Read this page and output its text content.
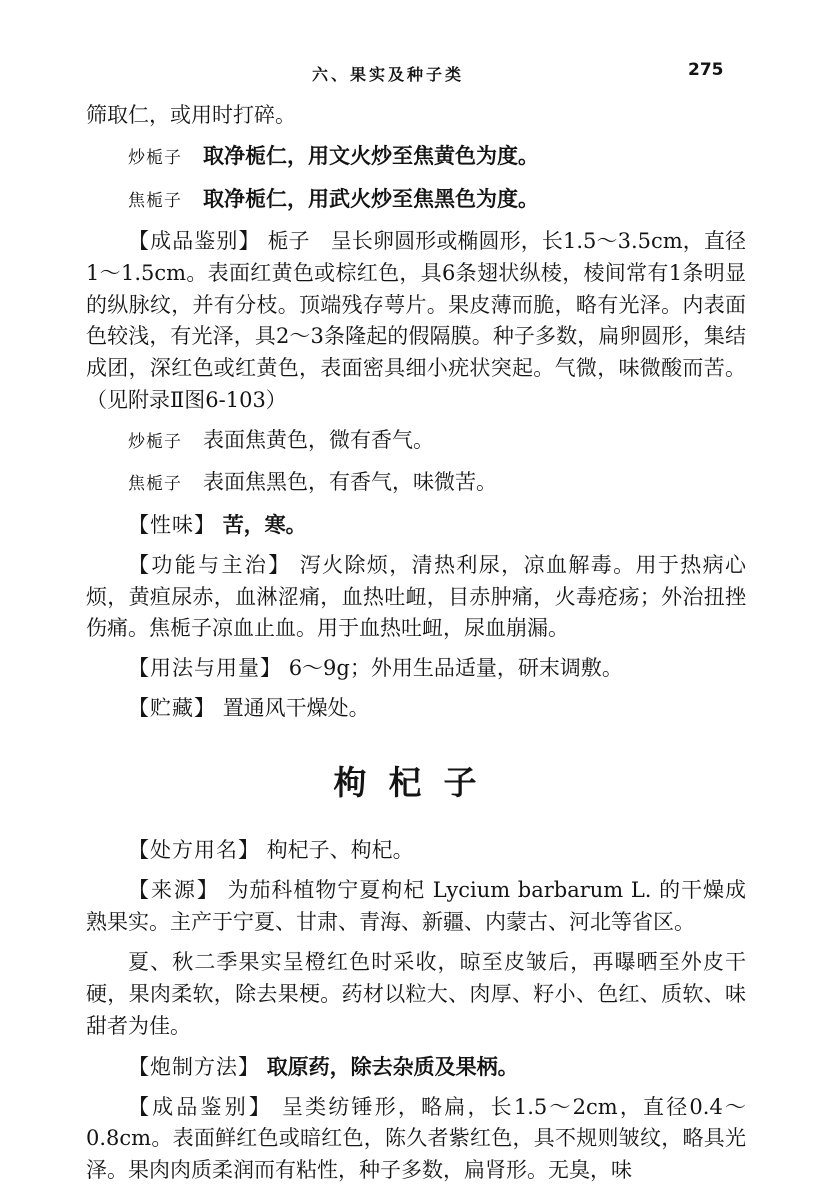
六、果实及种子类	275

筛取仁，或用时打碎。

炒栀子  取净栀仁，用文火炒至焦黄色为度。

焦栀子  取净栀仁，用武火炒至焦黑色为度。

【成品鉴别】 栀子  呈长卵圆形或椭圆形，长1.5～3.5cm，直径1～1.5cm。表面红黄色或棕红色，具6条翅状纵棱，棱间常有1条明显的纵脉纹，并有分枝。顶端残存萼片。果皮薄而脆，略有光泽。内表面色较浅，有光泽，具2～3条隆起的假隔膜。种子多数，扁卵圆形，集结成团，深红色或红黄色，表面密具细小疣状突起。气微，味微酸而苦。（见附录Ⅱ图6-103）

炒栀子  表面焦黄色，微有香气。

焦栀子  表面焦黑色，有香气，味微苦。

【性味】 苦，寒。

【功能与主治】 泻火除烦，清热利尿，凉血解毒。用于热病心烦，黄疸尿赤，血淋涩痛，血热吐衄，目赤肿痛，火毒疮疡；外治扭挫伤痛。焦栀子凉血止血。用于血热吐衄，尿血崩漏。

【用法与用量】 6～9g；外用生品适量，研末调敷。

【贮藏】 置通风干燥处。

枸杞子

【处方用名】 枸杞子、枸杞。

【来源】 为茄科植物宁夏枸杞 Lycium barbarum L. 的干燥成熟果实。主产于宁夏、甘肃、青海、新疆、内蒙古、河北等省区。

夏、秋二季果实呈橙红色时采收，晾至皮皱后，再曝晒至外皮干硬，果肉柔软，除去果梗。药材以粒大、肉厚、籽小、色红、质软、味甜者为佳。

【炮制方法】 取原药，除去杂质及果柄。

【成品鉴别】 呈类纺锤形，略扁，长1.5～2cm，直径0.4～0.8cm。表面鲜红色或暗红色，陈久者紫红色，具不规则皱纹，略具光泽。果肉肉质柔润而有粘性，种子多数，扁肾形。无臭，味
